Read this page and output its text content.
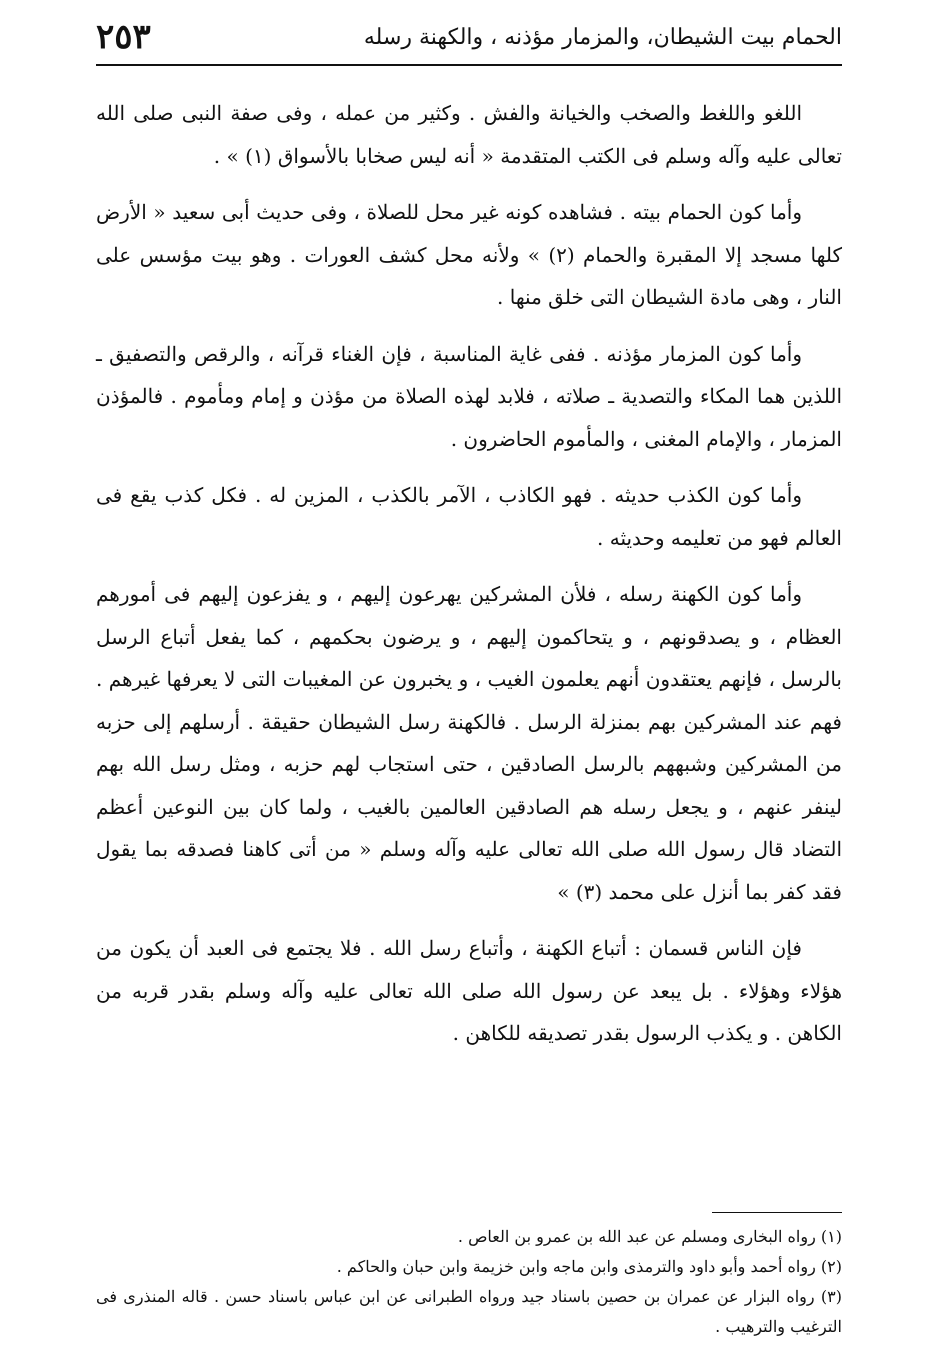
الحمام بيت الشيطان، والمزمار مؤذنه ، والكهنة رسله
٢٥٣

اللغو واللغط والصخب والخيانة والفش . وكثير من عمله ، وفى صفة النبى صلى الله تعالى عليه وآله وسلم فى الكتب المتقدمة « أنه ليس صخابا بالأسواق (١) » .

وأما كون الحمام بيته . فشاهده كونه غير محل للصلاة ، وفى حديث أبى سعيد « الأرض كلها مسجد إلا المقبرة والحمام (٢) » ولأنه محل كشف العورات . وهو بيت مؤسس على النار ، وهى مادة الشيطان التى خلق منها .

وأما كون المزمار مؤذنه . ففى غاية المناسبة ، فإن الغناء قرآنه ، والرقص والتصفيق ـ اللذين هما المكاء والتصدية ـ صلاته ، فلابد لهذه الصلاة من مؤذن و إمام ومأموم . فالمؤذن المزمار ، والإمام المغنى ، والمأموم الحاضرون .

وأما كون الكذب حديثه . فهو الكاذب ، الآمر بالكذب ، المزين له . فكل كذب يقع فى العالم فهو من تعليمه وحديثه .

وأما كون الكهنة رسله ، فلأن المشركين يهرعون إليهم ، و يفزعون إليهم فى أمورهم العظام ، و يصدقونهم ، و يتحاكمون إليهم ، و يرضون بحكمهم ، كما يفعل أتباع الرسل بالرسل ، فإنهم يعتقدون أنهم يعلمون الغيب ، و يخبرون عن المغيبات التى لا يعرفها غيرهم . فهم عند المشركين بهم بمنزلة الرسل . فالكهنة رسل الشيطان حقيقة . أرسلهم إلى حزبه من المشركين وشبههم بالرسل الصادقين ، حتى استجاب لهم حزبه ، ومثل رسل الله بهم لينفر عنهم ، و يجعل رسله هم الصادقين العالمين بالغيب ، ولما كان بين النوعين أعظم التضاد قال رسول الله صلى الله تعالى عليه وآله وسلم « من أتى كاهنا فصدقه بما يقول فقد كفر بما أنزل على محمد (٣) »

فإن الناس قسمان : أتباع الكهنة ، وأتباع رسل الله . فلا يجتمع فى العبد أن يكون من هؤلاء وهؤلاء . بل يبعد عن رسول الله صلى الله تعالى عليه وآله وسلم بقدر قربه من الكاهن . و يكذب الرسول بقدر تصديقه للكاهن .

(١) رواه البخارى ومسلم عن عبد الله بن عمرو بن العاص .

(٢) رواه أحمد وأبو داود والترمذى وابن ماجه وابن خزيمة وابن حبان والحاكم .

(٣) رواه البزار عن عمران بن حصين باسناد جيد ورواه الطبرانى عن ابن عباس باسناد حسن . قاله المنذرى فى الترغيب والترهيب .
